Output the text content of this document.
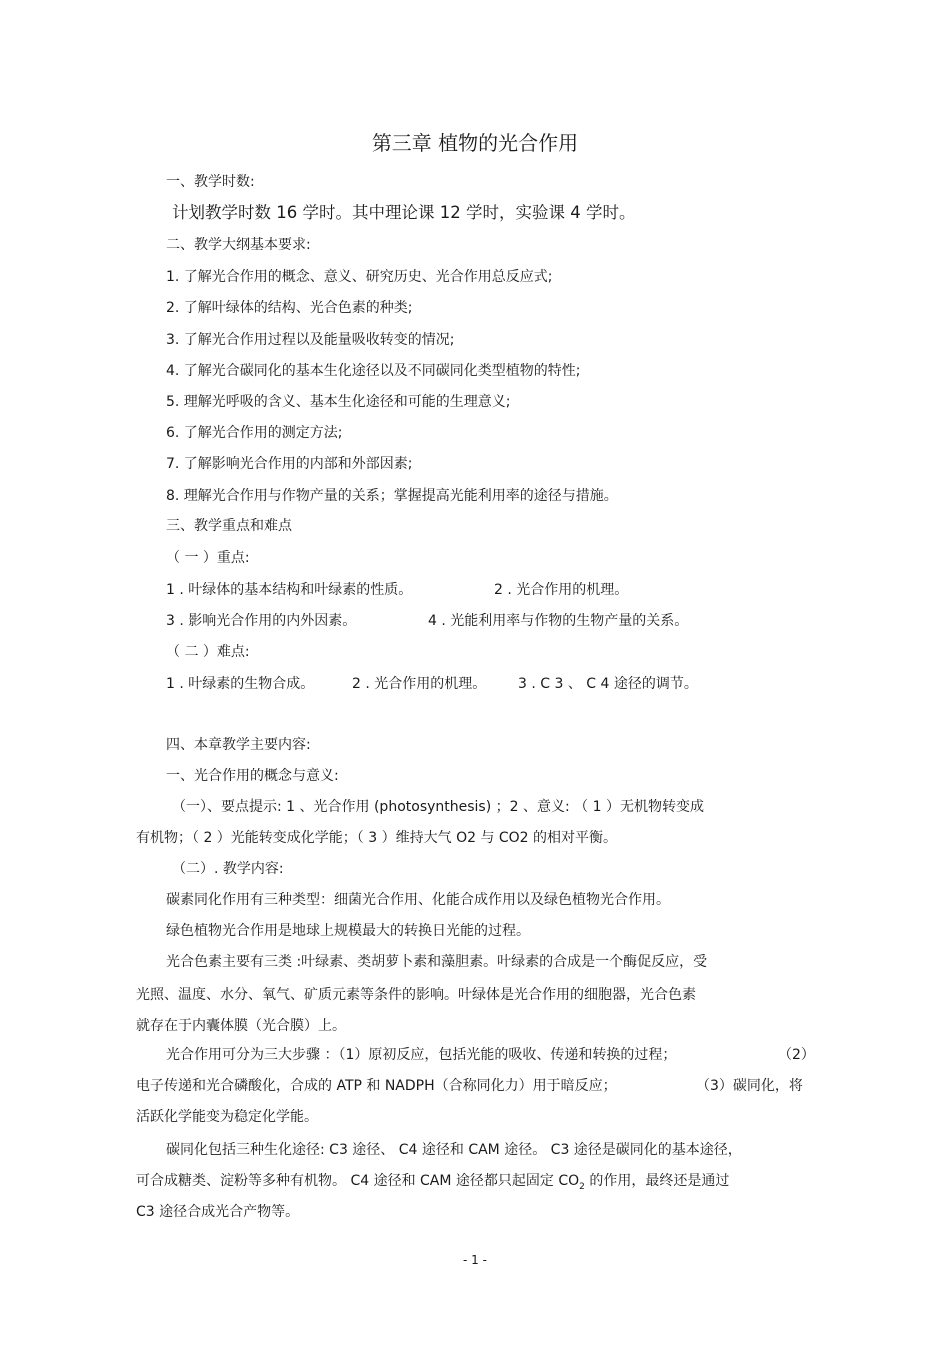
第三章 植物的光合作用
一、教学时数:
计划教学时数 16 学时。其中理论课 12 学时，实验课 4 学时。
二、教学大纲基本要求:
1. 了解光合作用的概念、意义、研究历史、光合作用总反应式;
2. 了解叶绿体的结构、光合色素的种类;
3. 了解光合作用过程以及能量吸收转变的情况;
4. 了解光合碳同化的基本生化途径以及不同碳同化类型植物的特性;
5. 理解光呼吸的含义、基本生化途径和可能的生理意义;
6. 了解光合作用的测定方法;
7. 了解影响光合作用的内部和外部因素;
8. 理解光合作用与作物产量的关系；掌握提高光能利用率的途径与措施。
三、教学重点和难点
（ 一 ）重点:
1 . 叶绿体的基本结构和叶绿素的性质。	2 . 光合作用的机理。
3 . 影响光合作用的内外因素。	4 . 光能利用率与作物的生物产量的关系。
（ 二 ）难点:
1 . 叶绿素的生物合成。	2 . 光合作用的机理。 3 . C 3 、 C 4 途径的调节。
四、本章教学主要内容:
一、光合作用的概念与意义:
（一）、要点提示: 1 、光合作用 (photosynthesis) ；2 、意义: （ 1 ）无机物转变成
有机物；（ 2 ）光能转变成化学能；（ 3 ）维持大气 O2 与 CO2 的相对平衡。
（二）. 教学内容:
碳素同化作用有三种类型：细菌光合作用、化能合成作用以及绿色植物光合作用。
绿色植物光合作用是地球上规模最大的转换日光能的过程。
光合色素主要有三类 :叶绿素、类胡萝卜素和藻胆素。叶绿素的合成是一个酶促反应，受
光照、温度、水分、氧气、矿质元素等条件的影响。叶绿体是光合作用的细胞器，光合色素
就存在于内囊体膜（光合膜）上。
光合作用可分为三大步骤 ：（1）原初反应，包括光能的吸收、传递和转换的过程；	（2）
电子传递和光合磷酸化，合成的 ATP 和 NADPH（合称同化力）用于暗反应；	（3）碳同化，将
活跃化学能变为稳定化学能。
碳同化包括三种生化途径: C3 途径、 C4 途径和 CAM 途径。 C3 途径是碳同化的基本途径，
可合成糖类、淀粉等多种有机物。 C4 途径和 CAM 途径都只起固定 $CO_2$ 的作用，最终还是通过
C3 途径合成光合产物等。
- 1 -
